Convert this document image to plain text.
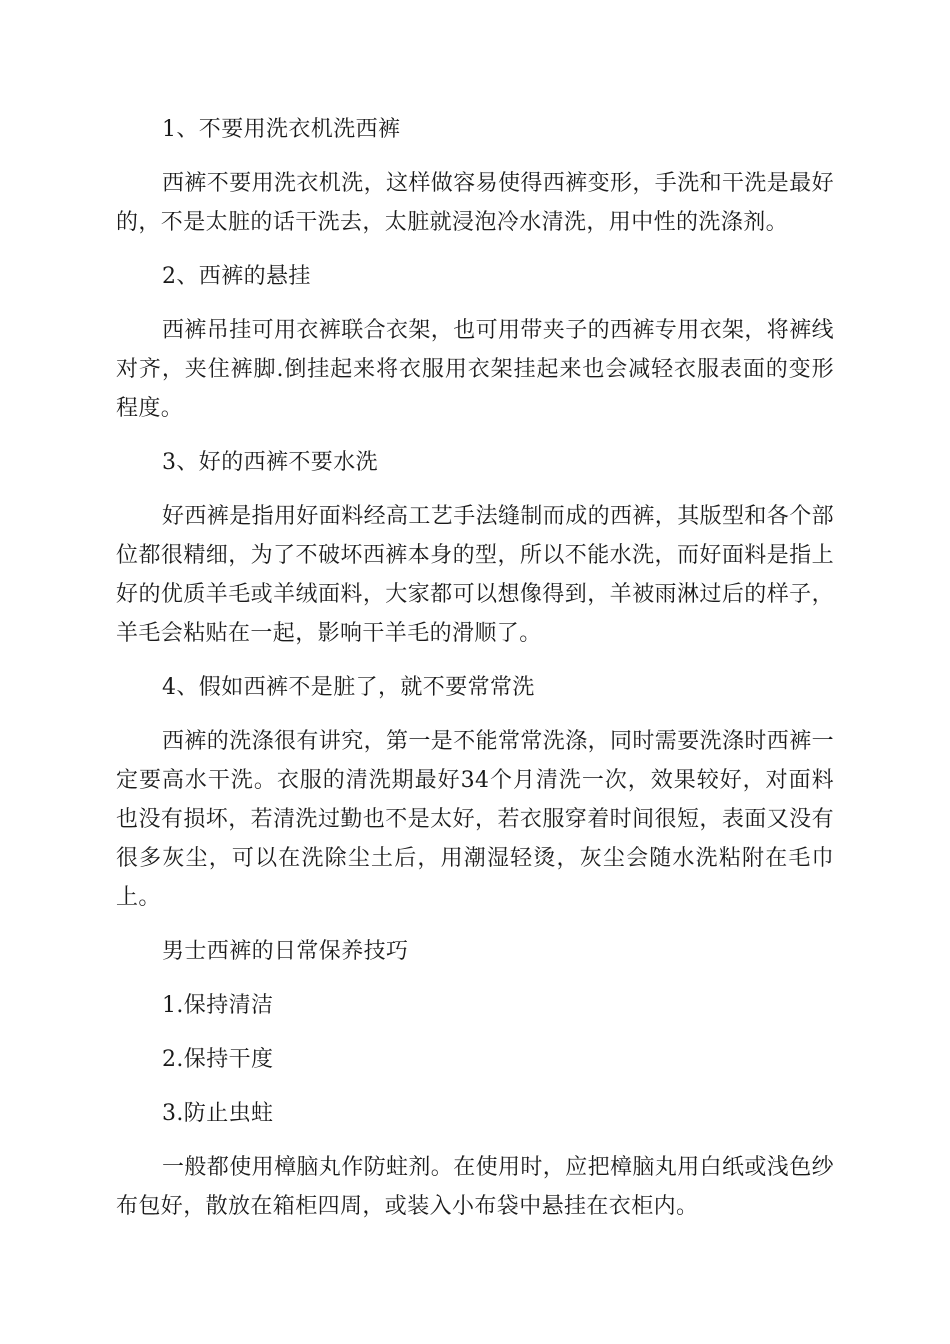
1、不要用洗衣机洗西裤

西裤不要用洗衣机洗，这样做容易使得西裤变形，手洗和干洗是最好的，不是太脏的话干洗去，太脏就浸泡冷水清洗，用中性的洗涤剂。

2、西裤的悬挂

西裤吊挂可用衣裤联合衣架，也可用带夹子的西裤专用衣架，将裤线对齐，夹住裤脚.倒挂起来将衣服用衣架挂起来也会减轻衣服表面的变形程度。

3、好的西裤不要水洗

好西裤是指用好面料经高工艺手法缝制而成的西裤，其版型和各个部位都很精细，为了不破坏西裤本身的型，所以不能水洗，而好面料是指上好的优质羊毛或羊绒面料，大家都可以想像得到，羊被雨淋过后的样子，羊毛会粘贴在一起，影响干羊毛的滑顺了。

4、假如西裤不是脏了，就不要常常洗

西裤的洗涤很有讲究，第一是不能常常洗涤，同时需要洗涤时西裤一定要高水干洗。衣服的清洗期最好34个月清洗一次，效果较好，对面料也没有损坏，若清洗过勤也不是太好，若衣服穿着时间很短，表面又没有很多灰尘，可以在洗除尘土后，用潮湿轻烫，灰尘会随水洗粘附在毛巾上。

男士西裤的日常保养技巧

1.保持清洁

2.保持干度

3.防止虫蛀

一般都使用樟脑丸作防蛀剂。在使用时，应把樟脑丸用白纸或浅色纱布包好，散放在箱柜四周，或装入小布袋中悬挂在衣柜内。
